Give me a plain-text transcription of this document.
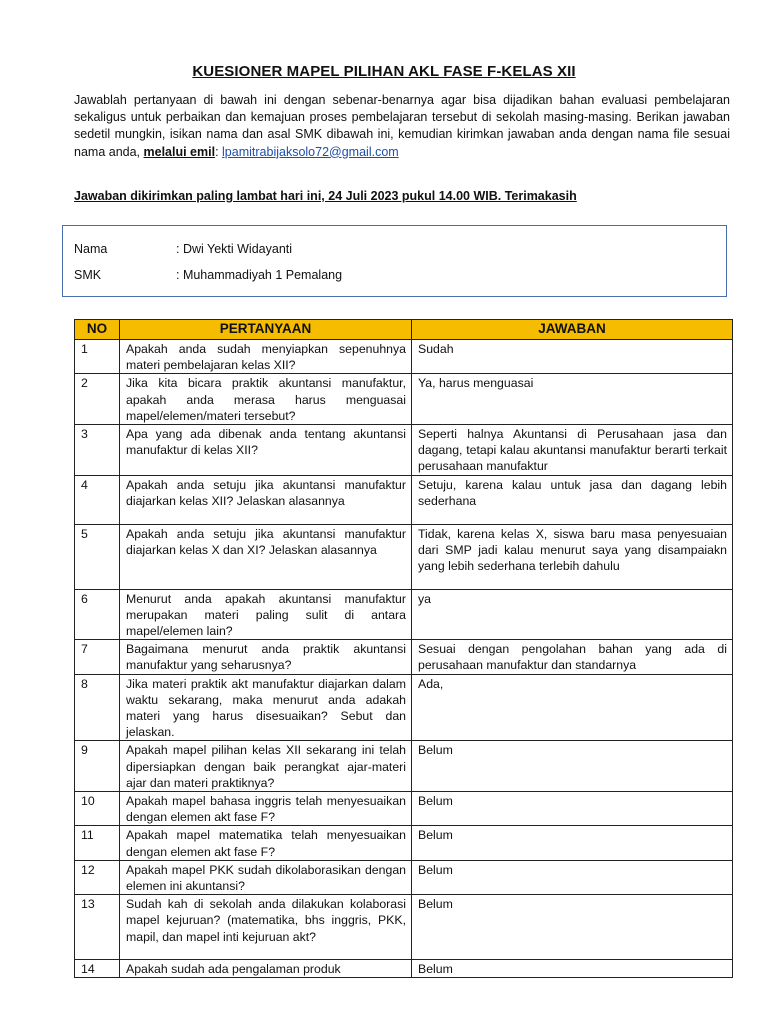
KUESIONER MAPEL PILIHAN AKL FASE F-KELAS XII
Jawablah pertanyaan di bawah ini dengan sebenar-benarnya agar bisa dijadikan bahan evaluasi pembelajaran sekaligus untuk perbaikan dan kemajuan proses pembelajaran tersebut di sekolah masing-masing. Berikan jawaban sedetil mungkin, isikan nama dan asal SMK dibawah ini, kemudian kirimkan jawaban anda dengan nama file sesuai nama anda, melalui emil: lpamitrabijaksolo72@gmail.com
Jawaban dikirimkan paling lambat hari ini, 24 Juli 2023 pukul 14.00 WIB. Terimakasih
Nama	: Dwi Yekti Widayanti
SMK	: Muhammadiyah 1 Pemalang
NO	PERTANYAAN	JAWABAN
1	Apakah anda sudah menyiapkan sepenuhnya materi pembelajaran kelas XII?	Sudah
2	Jika kita bicara praktik akuntansi manufaktur, apakah anda merasa harus menguasai mapel/elemen/materi tersebut?	Ya, harus menguasai
3	Apa yang ada dibenak anda tentang akuntansi manufaktur di kelas XII?	Seperti halnya Akuntansi di Perusahaan jasa dan dagang, tetapi kalau akuntansi manufaktur berarti terkait perusahaan manufaktur
4	Apakah anda setuju jika akuntansi manufaktur diajarkan kelas XII? Jelaskan alasannya	Setuju, karena kalau untuk jasa dan dagang lebih sederhana
5	Apakah anda setuju jika akuntansi manufaktur diajarkan kelas X dan XI? Jelaskan alasannya	Tidak, karena kelas X, siswa baru masa penyesuaian dari SMP jadi kalau menurut saya yang disampaiakn yang lebih sederhana terlebih dahulu
6	Menurut anda apakah akuntansi manufaktur merupakan materi paling sulit di antara mapel/elemen lain?	ya
7	Bagaimana menurut anda praktik akuntansi manufaktur yang seharusnya?	Sesuai dengan pengolahan bahan yang ada di perusahaan manufaktur dan standarnya
8	Jika materi praktik akt manufaktur diajarkan dalam waktu sekarang, maka menurut anda adakah materi yang harus disesuaikan? Sebut dan jelaskan.	Ada,
9	Apakah mapel pilihan kelas XII sekarang ini telah dipersiapkan dengan baik perangkat ajar-materi ajar dan materi praktiknya?	Belum
10	Apakah mapel bahasa inggris telah menyesuaikan dengan elemen akt fase F?	Belum
11	Apakah mapel matematika telah menyesuaikan dengan elemen akt fase F?	Belum
12	Apakah mapel PKK sudah dikolaborasikan dengan elemen ini akuntansi?	Belum
13	Sudah kah di sekolah anda dilakukan kolaborasi mapel kejuruan? (matematika, bhs inggris, PKK, mapil, dan mapel inti kejuruan akt?	Belum
14	Apakah sudah ada pengalaman produk	Belum
